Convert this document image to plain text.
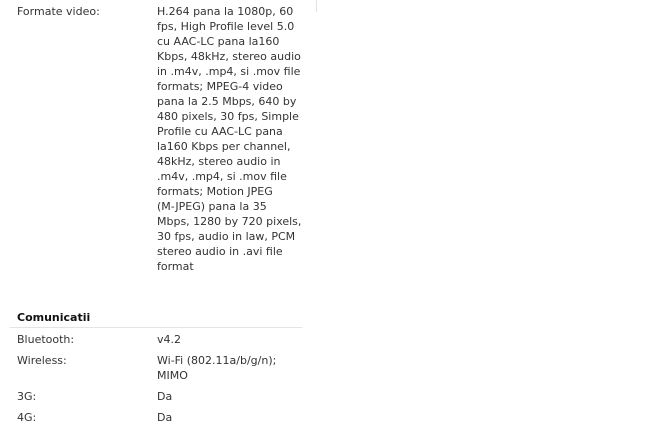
Formate video:	H.264 pana la 1080p, 60
fps, High Profile level 5.0
cu AAC-LC pana la160
Kbps, 48kHz, stereo audio
in .m4v, .mp4, si .mov file
formats; MPEG-4 video
pana la 2.5 Mbps, 640 by
480 pixels, 30 fps, Simple
Profile cu AAC-LC pana
la160 Kbps per channel,
48kHz, stereo audio in
.m4v, .mp4, si .mov file
formats; Motion JPEG
(M-JPEG) pana la 35
Mbps, 1280 by 720 pixels,
30 fps, audio in law, PCM
stereo audio in .avi file
format
Comunicatii
Bluetooth:	v4.2
Wireless:	Wi-Fi (802.11a/b/g/n);
MIMO
3G:	Da
4G:	Da
